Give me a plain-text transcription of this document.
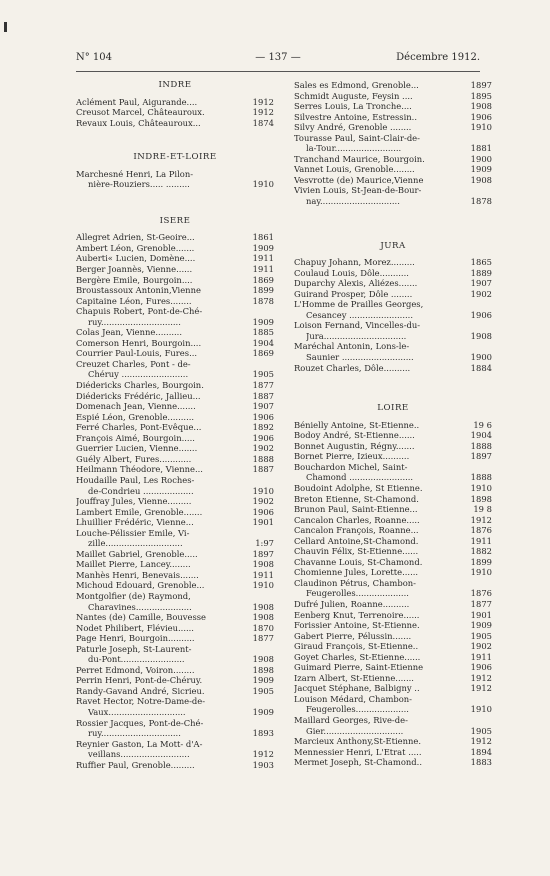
N° 104	— 137 —	Décembre 1912.
INDRE
Aclément Paul, Aigurande....	1912
Creusot Marcel, Châteauroux.	1912
Revaux Louis, Châteauroux...	1874
INDRE-ET-LOIRE
Marchesné Henri, La Pilon-
nière-Rouziers..... .........	1910
ISERE
Allegret Adrien, St-Geoire...	1861
Ambert Léon, Grenoble.......	1909
Auberti« Lucien, Domène....	1911
Berger Joannès, Vienne......	1911
Bergère Emile, Bourgoin....	1869
Broustassoux Antonin,Vienne	1899
Capitaine Léon, Fures........	1878
Chapuis Robert, Pont-de-Ché-
ruy..............................	1909
Colas Jean, Vienne..........	1885
Comerson Henri, Bourgoin....	1904
Courrier Paul-Louis, Fures...	1869
Creuzet Charles, Pont - de-
Chéruy .........................	1905
Diédericks Charles, Bourgoin.	1877
Diédericks Frédéric, Jallieu...	1887
Domenach Jean, Vienne.......	1907
Espié Léon, Grenoble..........	1906
Ferré Charles, Pont-Evêque...	1892
François Aimé, Bourgoin.....	1906
Guerrier Lucien, Vienne.......	1902
Guély Albert, Fures............	1888
Heilmann Théodore, Vienne...	1887
Houdaille Paul, Les Roches-
de-Condrieu ...................	1910
Jouffray Jules, Vienne.........	1902
Lambert Emile, Grenoble.......	1906
Lhuillier Frédéric, Vienne...	1901
Louche-Pélissier Emile, Vi-
zille.............................	1:97
Maillet Gabriel, Grenoble.....	1897
Maillet Pierre, Lancey........	1908
Manhès Henri, Benevais.......	1911
Michoud Edouard, Grenoble...	1910
Montgolfier (de) Raymond,
Charavines.....................	1908
Nantes (de) Camille, Bouvesse	1908
Nodet Philibert, Flévieu......	1870
Page Henri, Bourgoin..........	1877
Paturle Joseph, St-Laurent-
du-Pont........................	1908
Perret Edmond, Voiron........	1898
Perrin Henri, Pont-de-Chéruy.	1909
Randy-Gavand André, Sicrieu.	1905
Ravet Hector, Notre-Dame-de-
Vaux.............................	1909
Rossier Jacques, Pont-de-Ché-
ruy..............................	1893
Reynier Gaston, La Mott- d'A-
veillans..........................	1912
Ruffier Paul, Grenoble.........	1903
Sales es Edmond, Grenoble...	1897
Schmidt Auguste, Feysin ....	1895
Serres Louis, La Tronche....	1908
Silvestre Antoine, Estressin..	1906
Silvy André, Grenoble ........	1910
Tourasse Paul, Saint-Clair-de-
la-Tour.........................	1881
Tranchand Maurice, Bourgoin.	1900
Vannet Louis, Grenoble........	1909
Vesvrotte (de) Maurice,Vienne	1908
Vivien Louis, St-Jean-de-Bour-
nay..............................	1878
JURA
Chapuy Johann, Morez.........	1865
Coulaud Louis, Dôle...........	1889
Duparchy Alexis, Aliézes.......	1907
Guirand Prosper, Dôle ........	1902
L'Homme de Prailles Georges,
Cesancey ........................	1906
Loison Fernand, Vincelles-du-
Jura...............................	1908
Maréchal Antonin, Lons-le-
Saunier ...........................	1900
Rouzet Charles, Dôle..........	1884
LOIRE
Bénielly Antoine, St-Etienne..	19 6
Bodoy André, St-Etienne......	1904
Bonnet Augustin, Régny.......	1888
Bornet Pierre, Izieux..........	1897
Bouchardon Michel, Saint-
Chamond ........................	1888
Boudoint Adolphe, St Etienne.	1910
Breton Etienne, St-Chamond.	1898
Brunon Paul, Saint-Etienne...	19 8
Cancalon Charles, Roanne.....	1912
Cancalon François, Roanne...	1876
Cellard Antoine,St-Chamond.	1911
Chauvin Félix, St-Etienne......	1882
Chavanne Louis, St-Chamond.	1899
Chomienne Jules, Lorette......	1910
Claudinon Pétrus, Chambon-
Feugerolles....................	1876
Dufré Julien, Roanne..........	1877
Eenberg Knut, Terrenoire......	1901
Forissier Antoine, St-Etienne.	1909
Gabert Pierre, Pélussin.......	1905
Giraud François, St-Etienne..	1902
Goyet Charles, St-Etienne......	1911
Guimard Pierre, Saint-Etienne	1906
Izarn Albert, St-Etienne.......	1912
Jacquet Stéphane, Balbigny ..	1912
Louison Médard, Chambon-
Feugerolles....................	1910
Maillard Georges, Rive-de-
Gier..............................	1905
Marcieux Anthony,St-Etienne.	1912
Mennessier Henri, L'Etrat .....	1894
Mermet Joseph, St-Chamond..	1883
